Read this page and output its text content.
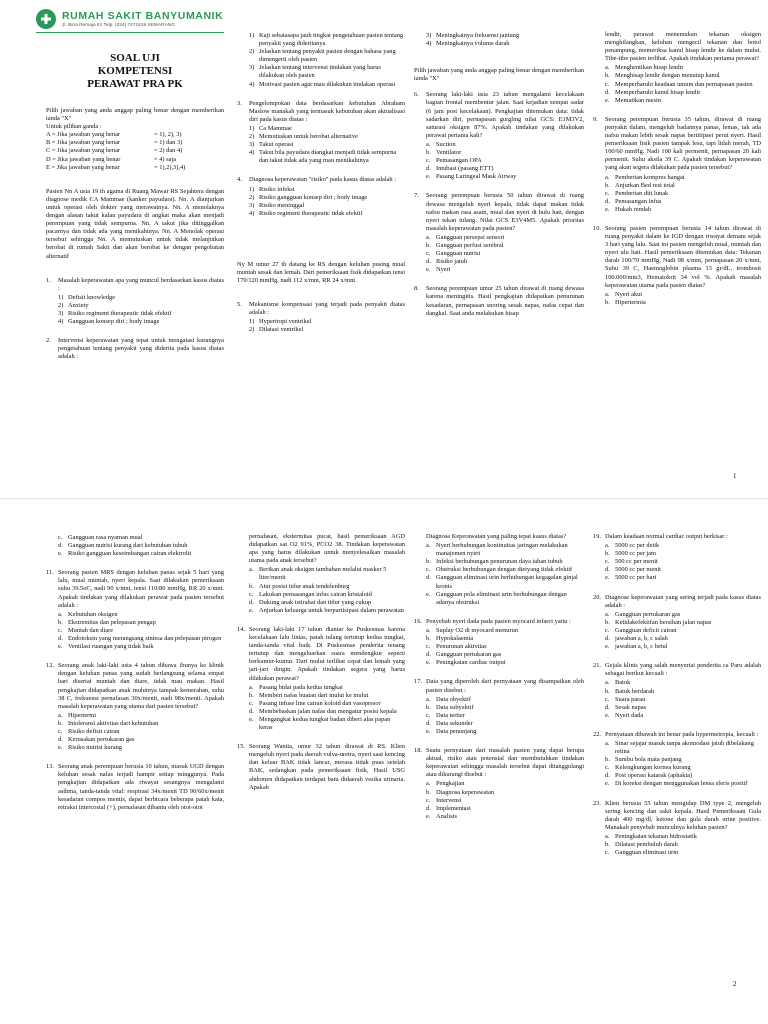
RUMAH SAKIT BANYUMANIK
Jl. Bina Remaja 61 Telp. (024) 7471519 SEMARANG
SOAL UJI
KOMPETENSI
PERAWAT PRA PK
Pilih jawaban yang anda anggap paling benar dengan memberikan tanda "X"
Untuk pilihan ganda :
A = Jika jawaban yang benar	= 1), 2), 3)
B = Jika jawaban yang benar	= 1) dan 3)
C = Jika jawaban yang benar	= 2) dan 4)
D = Jika jawaban yang benar	= 4) saja
E = Jika jawaban yang benar	= 1),2),3),4)
Pasien Nn A usia 19 th agama di Ruang Mawar RS Sejahtera dengan diagnose medik CA Mammae (kanker payudara). Nn. A dianjurkan untuk operasi oleh dokter yang merawatnya. Nn. A menolaknya dengan alasan takut kalau payudara di angkat maka akan menjadi perempuan yang tidak sempurna. Nn. A takut jika ditinggalkan pacarnya dan tidak ada yang menikahinya. Nn. A Menolak operasi tersebut sehingga Nn. A memutuskan untuk tidak melanjutkan berobat di rumah Sakit dan akan berobat ke dengan pengobatan alternatif
1.	Masalah keperawatan apa yang muncul berdasarkan kasus diatas :
1) Defisit knowledge
2) Anxiety
3) Risiko regiment therapeutic tidak efektif
4) Gangguan konsep diri ; body image
2.	Intervensi keperawatan yang tepat untuk mengatasi kurangnya pengetahuan tentang penyakit yang diderita pada kasus diatas adalah :
1) Kaji sebatasapa jauh tingkat pengetahuan pasien tentang penyakit yang dideritanya
2) Jelaskan tentang penyakit pasien dengan bahasa yang dimengerti oleh pasien
3) Jelaskan tentang intervensi tindakan yang harus dilakukan oleh pasien
4) Motivasi pasien agar mau dilakukan tindakan operasi
3.	Pengelompokan data berdasarkan kebutuhan Abraham Maslow manakah yang termasuk kebutuhan akan aktualisasi diri pada kasus diatas :
1) Ca Mammae
2) Memutuskan untuk berobat alternative
3) Takut operasi
4) Takut bila payudara diangkat menjadi tidak sempurna dan takut tidak ada yang mau menikahinya
4.	Diagnosa keperawatan "risiko" pada kasus diatas adalah :
1) Risiko infeksi
2) Risiko gangguan konsep diri ; body image
3) Risiko meninggal
4) Risiko regiment therapeutic tidak efektif
Ny M umur 27 th datang ke RS dengan keluhan pusing mual muntah sesak dan lemah. Dari pemeriksaan fisik didapatkan tensi 170/120 mmHg, nadi 112 x/mnt, RR 24 x/mnt.
5.	Mekanisme kompensasi yang terjadi pada penyakit diatas adalah :
1) Hypertropi ventrikel
2) Dilatasi ventrikel
3) Meningkatnya frekuensi jantung
4) Meningkatnya volume darah
Pilih jawaban yang anda anggap paling benar dengan memberikan tanda "X"
6.	Seorang laki-laki usia 23 tahun mengalami kecelakaan bagian frontal membentur jalan. Saat kejadian sempat sadar (6 jam post kecelakaan). Pengkajian ditemukan data: tidak sadarkan diri, pernapasan gurgling nilai GCS: E1M3V2, saturasi oksigen 87%. Apakah tindakan yang dilakukan perawat pertama kali?
a. Suction
b. Ventilator
c. Pemasangan OPA
d. Intubasi (pasang ETT)
e. Pasang Laringeal Mask Airway
7.	Seorang perempuan berusia 50 tahun dirawat di ruang dewasa mengeluh nyeri kepala, tidak dapat makan tidak nafsu makan rasa asam, mual dan nyeri di hulu hati, dengan nyeri tekan tulang. Nilai GCS E3V4M5. Apakah prioritas masalah keperawatan pada pasien?
a. Gangguan persepsi sensori
b. Gangguan perfusi serebral
c. Gangguan nutrisi
d. Risiko jatuh
e. Nyeri
8.	Seorang perempuan umur 25 tahun dirawat di ruang dewasa karena meningitis. Hasil pengkajian didapatkan penurunan kesadaran, pernapasan snoring sesak napas, nafas cepat dan dangkal. Saat anda melakukan hisap
lendir, perawat menemukan tekanan oksigen menghilangkan, keluhan mengecil tekanan dan botol penampung, memeriksa kanul hisap lendir ke dalam mulut. Tibe-tibe pasien terlihat. Apakah tindakan pertama perawat?
a. Menghentikan hisap lendir
b. Menghisap lendir dengan menutup kanul
c. Memperbaruhi keadaan umum dan pernapasan pasien
d. Memperbaruhi kanul hisap lendir
e. Mematikan mesin
9.	Seorang perempuan berusia 35 tahun, dirawat di ruang penyakit dalam, mengeluh badannya panas, lemas, tak ada nafsu makan lebih sesak napas bertitipaei perut nyeri. Hasil pemeriksaan fisik pasien tampak lesu, tapi lidah merah, TD 100/60 mmHg. Nadi 100 kali permenit, pernapasan 20 kali permenit. Suhu aksila 39 C. Apakah tindakan keperawatan yang akan segera dilakukan pada pasien tersebut?
a. Pemberian kompres hangat
b. Anjurkan Bed rest total
c. Pemberian diit lunak
d. Pemasangan infus
e. Hukah rendah
10. Seorang pasien perempuan berusia 14 tahun dirawat di ruang penyakit dalam ke IGD dengan riwayat demam sejak 3 hari yang lalu. Saat ini pasien mengeluh mual, muntah dan nyeri ulu hati. Hasil pemeriksaan ditemukan data: Tekanan darah 100/70 mmHg, Nadi 98 x/mnt, pernapasan 20 x/mnt, Suhu 39 C, Haemoglobin plasma 13 gr/dL, trombosit 100.000/mm3, Hematokrit 34 vol %. Apakah masalah keperawatan utama pada pasien diatas?
a. Nyeri akut
b. Hipertermia
1
c. Gangguan rasa nyaman mual
d. Gangguan nutrisi kurang dari kebutuhan tubuh
e. Risiko gangguan keseimbangan cairan elektrolit
11. Seorang pasien MRS dengan keluhan panas sejak 5 hari yang lalu, mual muntah, nyeri kepala. Saat dilakukan pemeriksaan suhu 39.5oC, nadi 90 x/mnt, tensi 110/80 mmHg, RR 20 x/mnt. Apakah tindakan yang dilakukan perawat pada pasien tersebut adalah :
a. Kebutuhan oksigen
b. Ekstremitas dan pelepasan pengap
c. Muntah dan diare
d. Endotoksin yang merangsang sintesa dan pelepasan pirogen
e. Ventilasi ruangan yang tidak baik
12. Seorang anak laki-laki usia 4 tahun dibawa ibunya ke klinik dengan keluhan panas yang sudah berlangsung selama empat hari disertai muntah dan diare, tidak mau makan. Hasil pengkajian didapatkan anak mulutnya tampak kemerahan, suhu 38 C, frekuensi pernafasan 30x/menit, nadi 98x/menit. Apakah masalah keperawatan yang utama dari pasien tersebut?
a. Hipertermi
b. Intoleransi aktivitas dari kebutuhan
c. Risiko defisit cairan
d. Kerusakan pertukaran gas
e. Risiko nutrisi kurang
13. Seorang anak perempuan berusia 10 tahun, masuk UGD dengan keluhan sesak nafas terjadi hampir setiap minggunya. Pada pengkajian didapatkan ada riwayat sesangnya mengalami asthma, tanda-tanda vital: respirasi 34x/menit TD 90/60x/menit kesadaran compos mentis, dapat berbicara beberapa patah kata, retraksi intercostal (+), pernafasan dibantu oleh otot-otot
pernafasan, ekstermitas pucat, hasil pemeriksaan AGD didapatkan sat O2 91%, PCO2 38. Tindakan keperawatan apa yang harus dilakukan untuk menyelesaikan masalah utama pada anak tersebut?
a. Berikan anak oksigen tambahan melalui masker 5 liter/menit
b. Atur posisi tidur anak tendelenburg
c. Lakukan pemasangan infus cairan kristaloid
d. Dukung anak istirahat dan tidur yang cukup
e. Anjurkan keluarga untuk berpartisipasi dalam perawatan
14. Seorang laki-laki 17 tahun diantar ke Puskesmas karena kecelakaan lalu lintas, patah tulang tertutup kedua tungkai, tanda-tanda vital baik. Di Puskesmas penderita tenang tertutup dan mengeluarkan suara mendengkur seperti berkumur-kumur. Dari mulut terlihat cepat dan lemah yang jari-jari dingin. Apakah tindakan segera yang harus dilakukan perawat?
a. Pasang bidai pada kedua tungkai
b. Memberi nafas buatan dari mulut ke mulut
c. Pasang infuse line cairan koloid dan vasopresor
d. Membebaskan jalan nafas dan mengatur posisi kepala
e. Mengangkat kedua tungkai badan diberi alas papan keras
15. Seorang Wanita, umur 32 tahun dirawat di RS. Klien mengeluh nyeri pada daerah vulva-uretra, nyeri saat kencing dan keluar BAK tidak lancar, merasa tidak puas setelah BAK, sedangkan pada pemeriksaan fisik, Hasil USG abdomen didapatkan terdapat batu didaerah vesika urinaria. Apakah
Diagnosa Keperawatan yang paling tepat kasus diatas?
a. Nyeri berhubungan kontinuitas jaringan melakukan manajemen nyeri
b. Infeksi berhubungan penurunan daya tahan tubuh
c. Obstruksi berhubungan dengan dietyang tidak efektif
d. Gangguan eliminasi urin berhubungan kegagalan ginjal kronis
e. Gangguan pola eliminasi urin berhubungan dengan adanya obstruksi
16. Penyebab nyeri dada pada pasien myocard infarct yaitu :
a. Suplay O2 di myocard menurun
b. Hypokalaemia
c. Penurunan aktivitas
d. Gangguan pertukaran gas
e. Peningkatan cardiac output
17. Data yang diperoleh dari pernyataan yang disampaikan oleh pasien disebut :
a. Data obyektif
b. Data subyektif
c. Data tertier
d. Data sekunder
e. Data penunjang
18. Suatu pernyataan dari masalah pasien yang dapat berupa aktual, risiko atau potensial dan membutuhkan tindakan keperawatan sehingga masalah tersebut dapat ditanggulangi atau dikurangi disebut :
a. Pengkajian
b. Diagnosa keperawatan
c. Intervensi
d. Implementasi
e. Analisis
19. Dalam keadaan normal cardiac output berkisar :
a. 5000 cc per detik
b. 5000 cc per jam
c. 500 cc per menit
d. 5000 cc per menit
e. 5000 cc per hari
20. Diagnose keperawatan yang sering terjadi pada kasus diatas adalah :
a. Gangguan pertukaran gas
b. Ketidakefektifan bersihan jalan napas
c. Gangguan deficit cairan
d. jawaban a, b, c salah
e. jawaban a, b, c betul
21. Gejala klinis yang salah menyertai penderita ca Paru adalah sebagai berikut kecuali :
a. Batuk
b. Batuk berdarah
c. Suara parau
d. Sesak napas
e. Nyeri dada
22. Pernyataan dibawah ini benar pada hypermetropia, kecuali :
a. Sinar sejajar masuk tanpa akomodasi jatuh dibelakang retina
b. Sumbu bola mata panjang
c. Kelengkungan kornea kurang
d. Post operasi katarak (aphakia)
e. Di koreksi dengan menggunakan lensa sferis positif
23. Klien berusia 55 tahun mengidap DM type 2, mengeluh sering kencing dan sakit kepala. Hasil Pemeriksaan Gula darah 400 mg/dl, ketone dan gula darah urine positive. Manakah penyebab munculnya keluhan pasien?
a. Peningkatan tekanan hidrostatik
b. Dilatasi pembuluh darah
c. Gangguan eliminasi urin
2
